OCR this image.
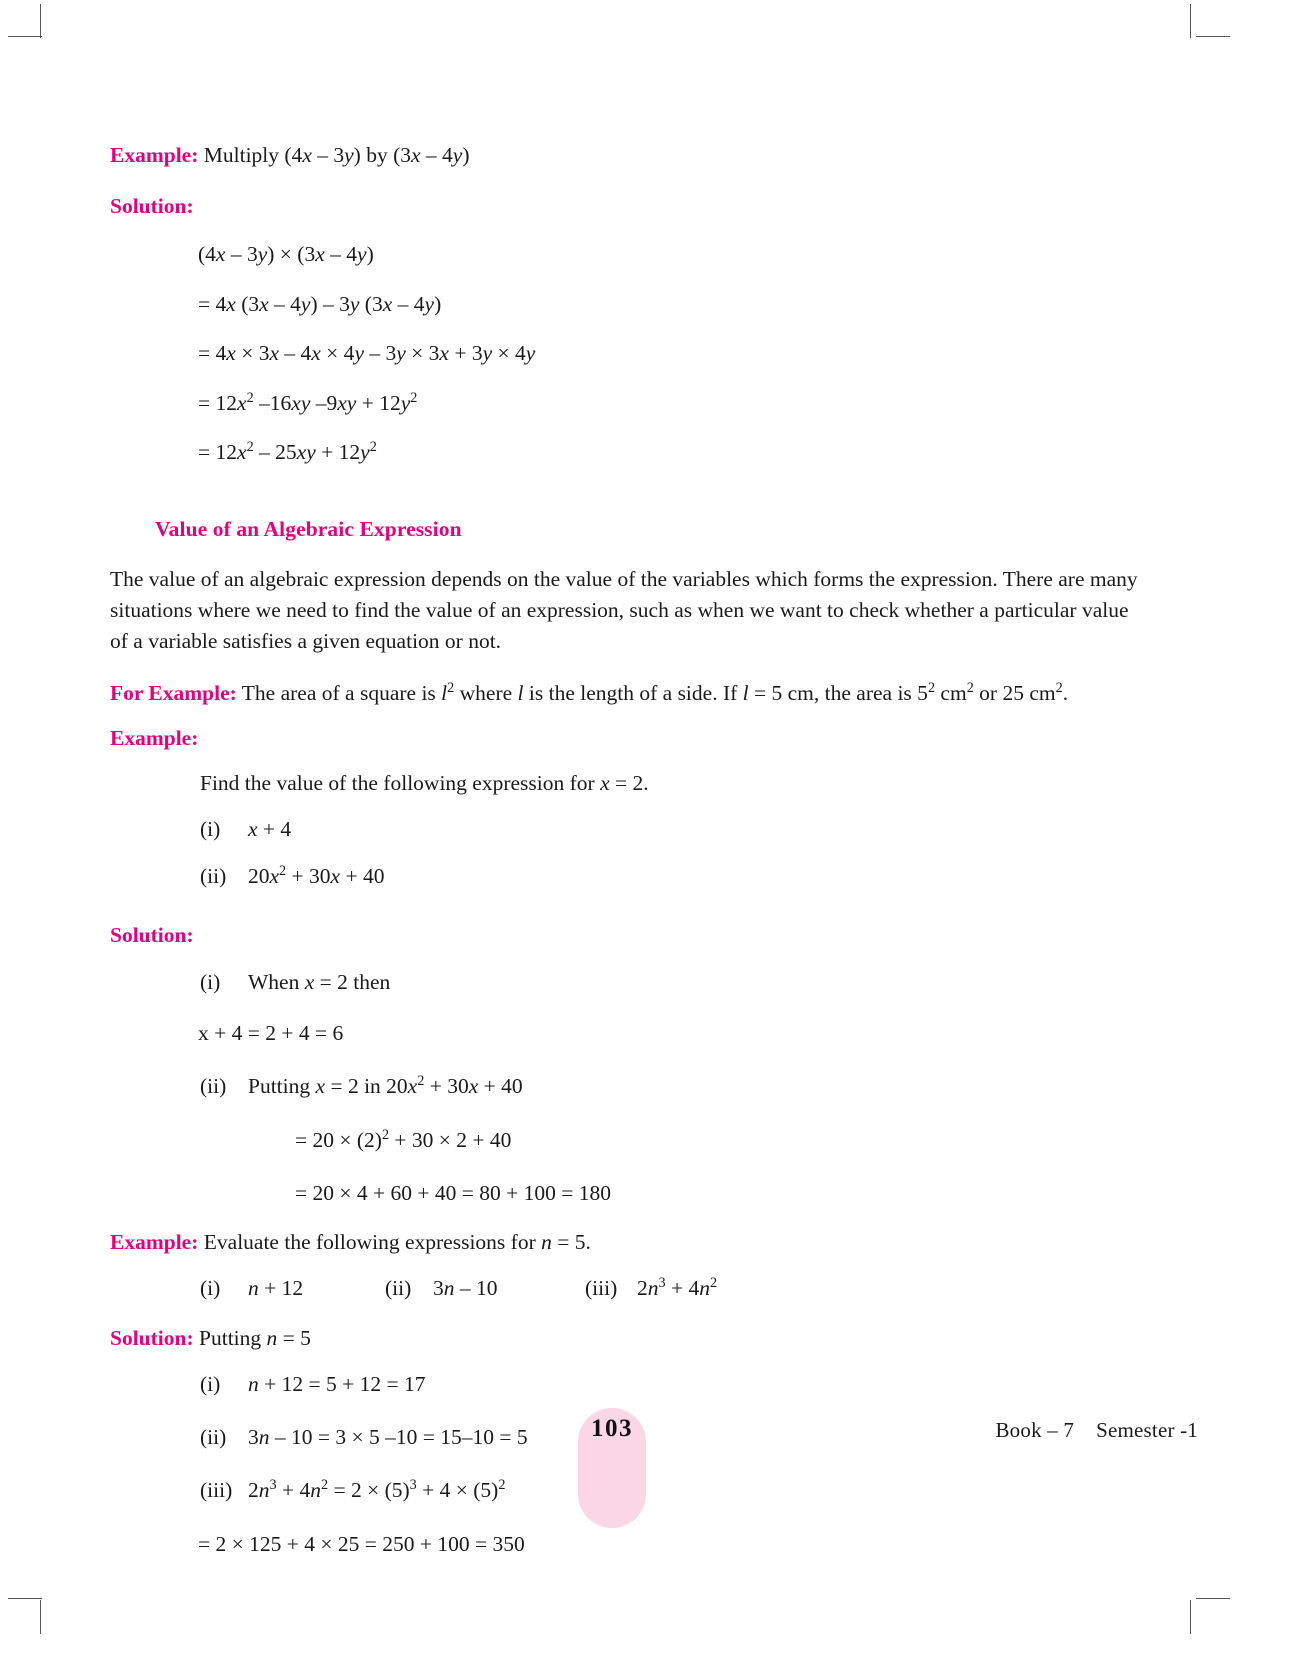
Example: Multiply (4x – 3y) by (3x – 4y)
Solution:
(4x – 3y) × (3x – 4y)
= 4x (3x – 4y) – 3y (3x – 4y)
= 4x × 3x – 4x × 4y – 3y × 3x + 3y × 4y
= $12x^2$ –16xy $-9xy + 12y^2$
= $12x^2 - 25xy + 12y^2$
Value of an Algebraic Expression

The value of an algebraic expression depends on the value of the variables which forms the expression. There are many situations where we need to find the value of an expression, such as when we want to check whether a particular value of a variable satisfies a given equation or not.

For Example: The area of a square is $l^2$ where l is the length of a side. If l = 5 cm, the area is $5^2$ $cm^2$ or 25 $cm^2$.

Example:
Find the value of the following expression for x = 2.
(i) x + 4
(ii) $20x^2 + 30x + 40$
Solution:
(i) When x = 2 then
x + 4 = 2 + 4 = 6
(ii) Putting x = 2 in $20x^2 + 30x + 40$
= $20 \times (2)^2 + 30 \times 2 + 40$
= 20 × 4 + 60 + 40 = 80 + 100 = 180
Example: Evaluate the following expressions for n = 5.
(i) n + 12	(ii) 3n – 10	(iii) $2n^3 + 4n^2$
Solution: Putting n = 5
(i) n + 12 = 5 + 12 = 17
(ii) 3n – 10 = 3 × 5 –10 = 15–10 = 5
(iii) $2n^3 + 4n^2 = 2 \times (5)^3 + 4 \times (5)^2$
= 2 × 125 + 4 × 25 = 250 + 100 = 350
103	Book – 7 Semester -1
